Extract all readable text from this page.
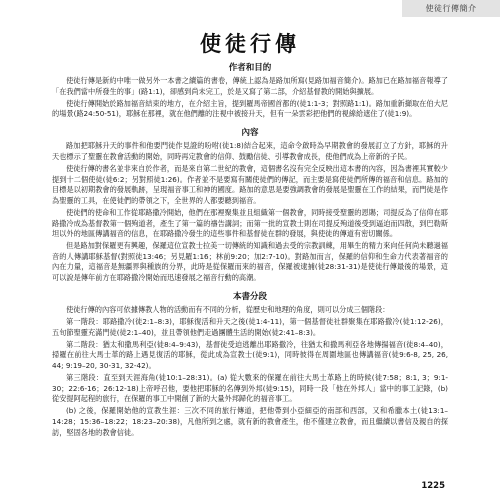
使徒行傳簡介
使徒行傳
作者和目的

使徒行傳是新約中唯一做另外一本書之續篇的書卷，傳統上認為是路加所寫(見路加福音簡介)。路加已在路加福音報導了「在我們當中所發生的事」(路1:1)，卻感到尚未完工，於是又寫了第二部，介紹基督教的開始與擴展。

使徒行傳開始於路加福音結束的地方，在介紹主旨，提到羅馬帝國首都的(徒1:1-3；對照路1:1)。路加重新擷取在伯大尼的場景(路24:50-51)，耶穌在那裡，就在他們離的注視中被接升天，但有一朵雲彩把他們的視線給遮住了(徒1:9)。

內容

路加把耶穌升天的事件和他要門徒作見證的吩咐(徒1:8)結合起來，這命令啟時為早期教會的發展訂立了方針，耶穌的升天也標示了聖靈在教會活動的開始，同時再定教會的信仰、鼓勵信徒、引導教會成長，使他們成為上帝新的子民。

使徒行傳的書名並非來自於作者，而是來自第二世紀的教會，這個書名沒有完全反映出這本書的內容，因為書裡其實較少提到十二個使徒(徒6:2；另對照徒1:26)。作者並不是要寫有關使徒們的傳記，而主要是寫使徒們所傳的福音和信息。路加的目標是以初期教會的發展軌跡，呈現福音事工和神的國度。路加的意思是要強調教會的發展是聖靈在工作的結果，而門徒是作為聖靈的工具，在使徒們的帶領之下，全世界的人都要聽到福音。

使徒們的使命和工作從耶路撒冷開始，他們在那裡聚集並且組織第一個教會，同時接受聖靈的恩賜；司提反為了信仰在耶路撒冷成為基督教第一個殉道者，產生了第一篇的禱告講詞；而第一批的宣教士則在司提反殉道後受到逼迫而四散，到巴勒斯坦以外的地區傳講福音的信息，在耶路撒冷發生的這些事件和基督徒在群的發展，與使徒的傳道有密切關係。

但是路加對保羅更有興趣，保羅這位宣教士拉美一切傳統的知識和過去受的宗教訓練，用畢生的精力來向任何尚未聽過福音的人傳講耶穌基督(對照徒13:46；另見羅1:16；林前9:20；加2:7-10)。對路加而言，保羅的信仰和生命力代表著福音的內在力量，這福音是無疆界與種族的分界，此時是從保羅而來的福音，保羅被逮捕(徒28:31-31)是使徒行傳最後的場景，這可以說是傳年前方在耶路撒冷開始而迅速發展之福音行動的高潮。

本書分段

使徒行傳的內容可依據傳教人物的活動而有不同的分析，從歷史和地理的角度，則可以分成三個階段：

第一階段：耶路撒冷(徒2:1–8:3)，耶穌復活和升天之後(徒1:4-11)，第一個基督徒社群聚集在耶路撒冷(徒1:12-26)，五旬節聖靈充滿門徒(徒2:1–40)，並且帶領他們走過團體生活的開始(徒2:41–8:3)。

第二階段：猶太和撒馬利亞(徒8:4–9:43)，基督徒受迫逃離出耶路撒冷，往猶太和撒馬利亞各地傳揚福音(徒8:4–40)，掃羅在前往大馬士革的路上遇見復活的耶穌，從此成為宣教士(徒9:1)，同時彼得在周圍地區也傳講福音(徒9:6-8, 25, 26, 44; 9:19–20, 30-31, 32-42)。

第三階段：直至到天涯海角(徒10:1–28:31)。(a) 從大數來的保羅在前往大馬士革路上的時候(徒7:58；8:1, 3；9:1-30；22:6-16；26:12-18)上帝呼召他，要他把耶穌的名傳到外邦(徒9:15)，同時一段「他在外邦人」當中的事工記錄，(b) 從安提阿起程的旅行，在保羅的事工中開創了新的大量外邦歸化的福音事工。

(b) 之後，保羅開始他的宣教生涯：三次不同的旅行傳道，把他帶到小亞細亞的南部和西部，又和希臘本土(徒13:1–14:28；15:36–18:22；18:23–20:38)，凡他所到之處，就有新的教會產生，他不僅建立教會，而且繼續以書信及親自的探訪，堅固各地的教會信徒。

1225
